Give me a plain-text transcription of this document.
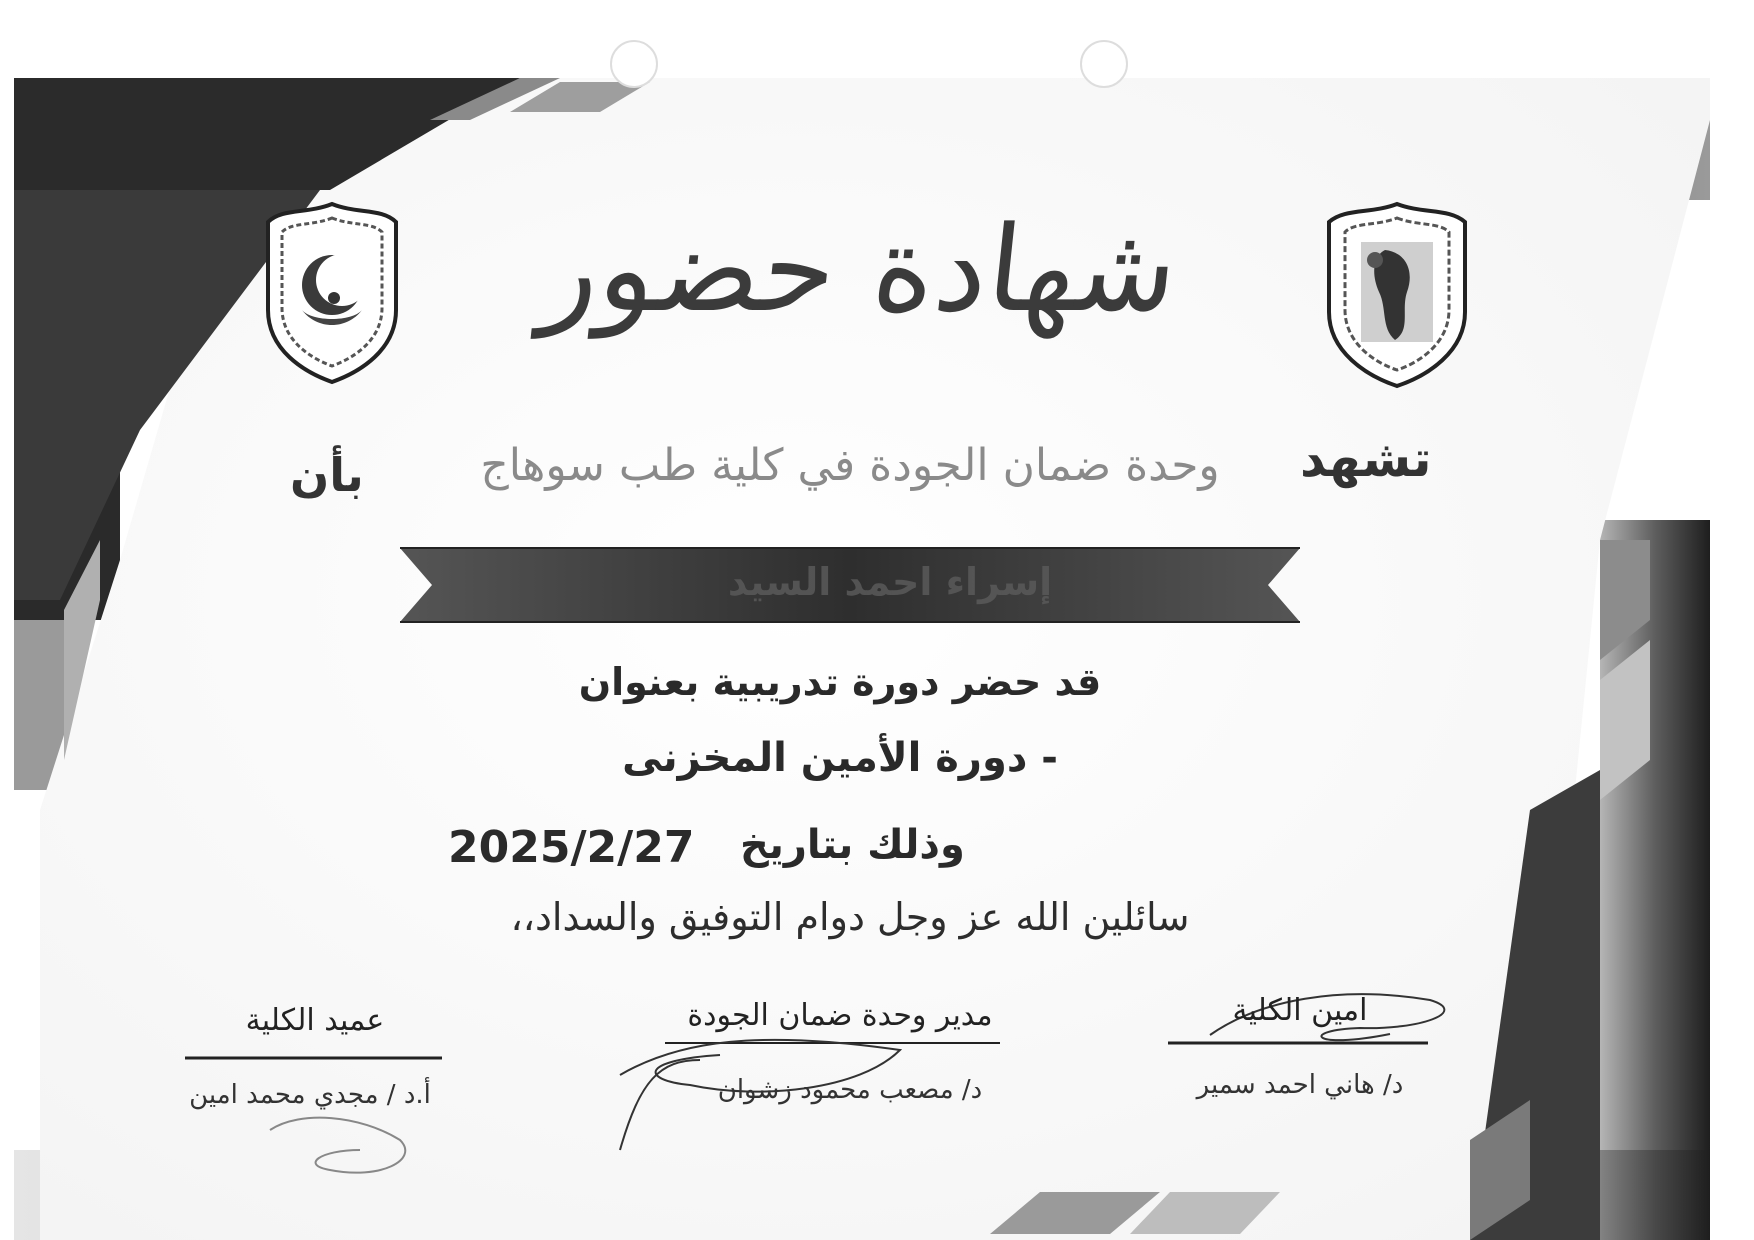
شهادة حضور
تشهد
وحدة ضمان الجودة في كلية طب سوهاج
بأن
إسراء احمد السيد
قد حضر دورة تدريبية بعنوان
- دورة الأمين المخزنى
وذلك بتاريخ
2025/2/27
سائلين الله عز وجل دوام التوفيق والسداد،،
امين الكلية
د/ هاني احمد سمير
مدير وحدة ضمان الجودة
د/ مصعب محمود زشوان
عميد الكلية
أ.د / مجدي محمد امين
